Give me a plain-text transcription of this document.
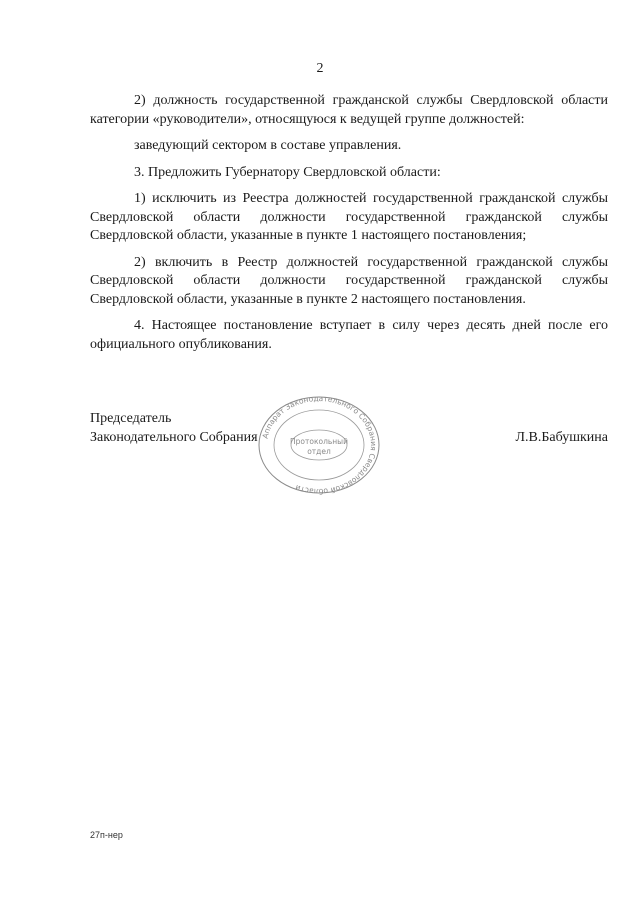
2

2) должность государственной гражданской службы Свердловской области категории «руководители», относящуюся к ведущей группе должностей:

заведующий сектором в составе управления.

3. Предложить Губернатору Свердловской области:

1) исключить из Реестра должностей государственной гражданской службы Свердловской области должности государственной гражданской службы Свердловской области, указанные в пункте 1 настоящего постановления;

2) включить в Реестр должностей государственной гражданской службы Свердловской области должности государственной гражданской службы Свердловской области, указанные в пункте 2 настоящего постановления.

4. Настоящее постановление вступает в силу через десять дней после его официального опубликования.

Председатель
Законодательного Собрания	Л.В.Бабушкина
Аппарат Законодательного Собрания Свердловской области
Протокольный
отдел
27п-нер
